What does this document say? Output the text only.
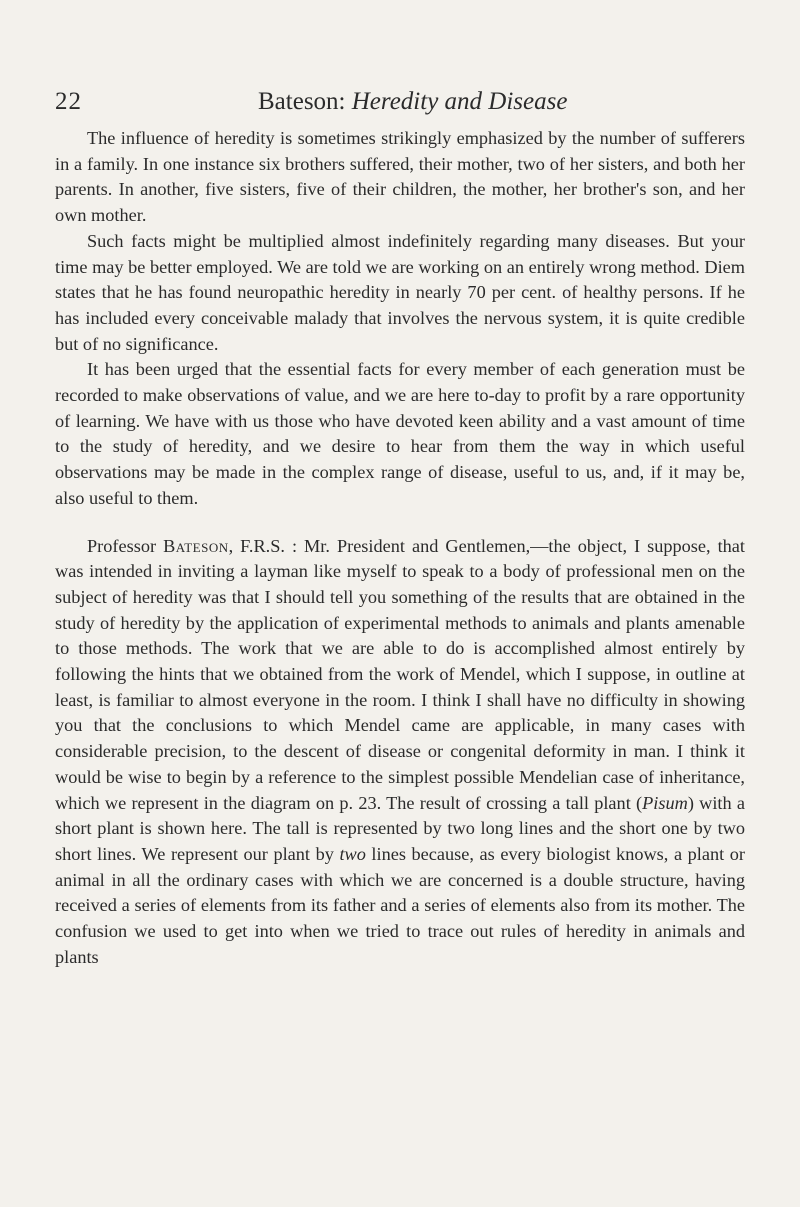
22	Bateson: Heredity and Disease

The influence of heredity is sometimes strikingly emphasized by the number of sufferers in a family. In one instance six brothers suffered, their mother, two of her sisters, and both her parents. In another, five sisters, five of their children, the mother, her brother's son, and her own mother.

Such facts might be multiplied almost indefinitely regarding many diseases. But your time may be better employed. We are told we are working on an entirely wrong method. Diem states that he has found neuropathic heredity in nearly 70 per cent. of healthy persons. If he has included every conceivable malady that involves the nervous system, it is quite credible but of no significance.

It has been urged that the essential facts for every member of each generation must be recorded to make observations of value, and we are here to-day to profit by a rare opportunity of learning. We have with us those who have devoted keen ability and a vast amount of time to the study of heredity, and we desire to hear from them the way in which useful observations may be made in the complex range of disease, useful to us, and, if it may be, also useful to them.

Professor Bateson, F.R.S. : Mr. President and Gentlemen,—the object, I suppose, that was intended in inviting a layman like myself to speak to a body of professional men on the subject of heredity was that I should tell you something of the results that are obtained in the study of heredity by the application of experimental methods to animals and plants amenable to those methods. The work that we are able to do is accomplished almost entirely by following the hints that we obtained from the work of Mendel, which I suppose, in outline at least, is familiar to almost everyone in the room. I think I shall have no difficulty in showing you that the conclusions to which Mendel came are applicable, in many cases with considerable precision, to the descent of disease or congenital deformity in man. I think it would be wise to begin by a reference to the simplest possible Mendelian case of inheritance, which we represent in the diagram on p. 23. The result of crossing a tall plant (Pisum) with a short plant is shown here. The tall is represented by two long lines and the short one by two short lines. We represent our plant by two lines because, as every biologist knows, a plant or animal in all the ordinary cases with which we are concerned is a double structure, having received a series of elements from its father and a series of elements also from its mother. The confusion we used to get into when we tried to trace out rules of heredity in animals and plants
